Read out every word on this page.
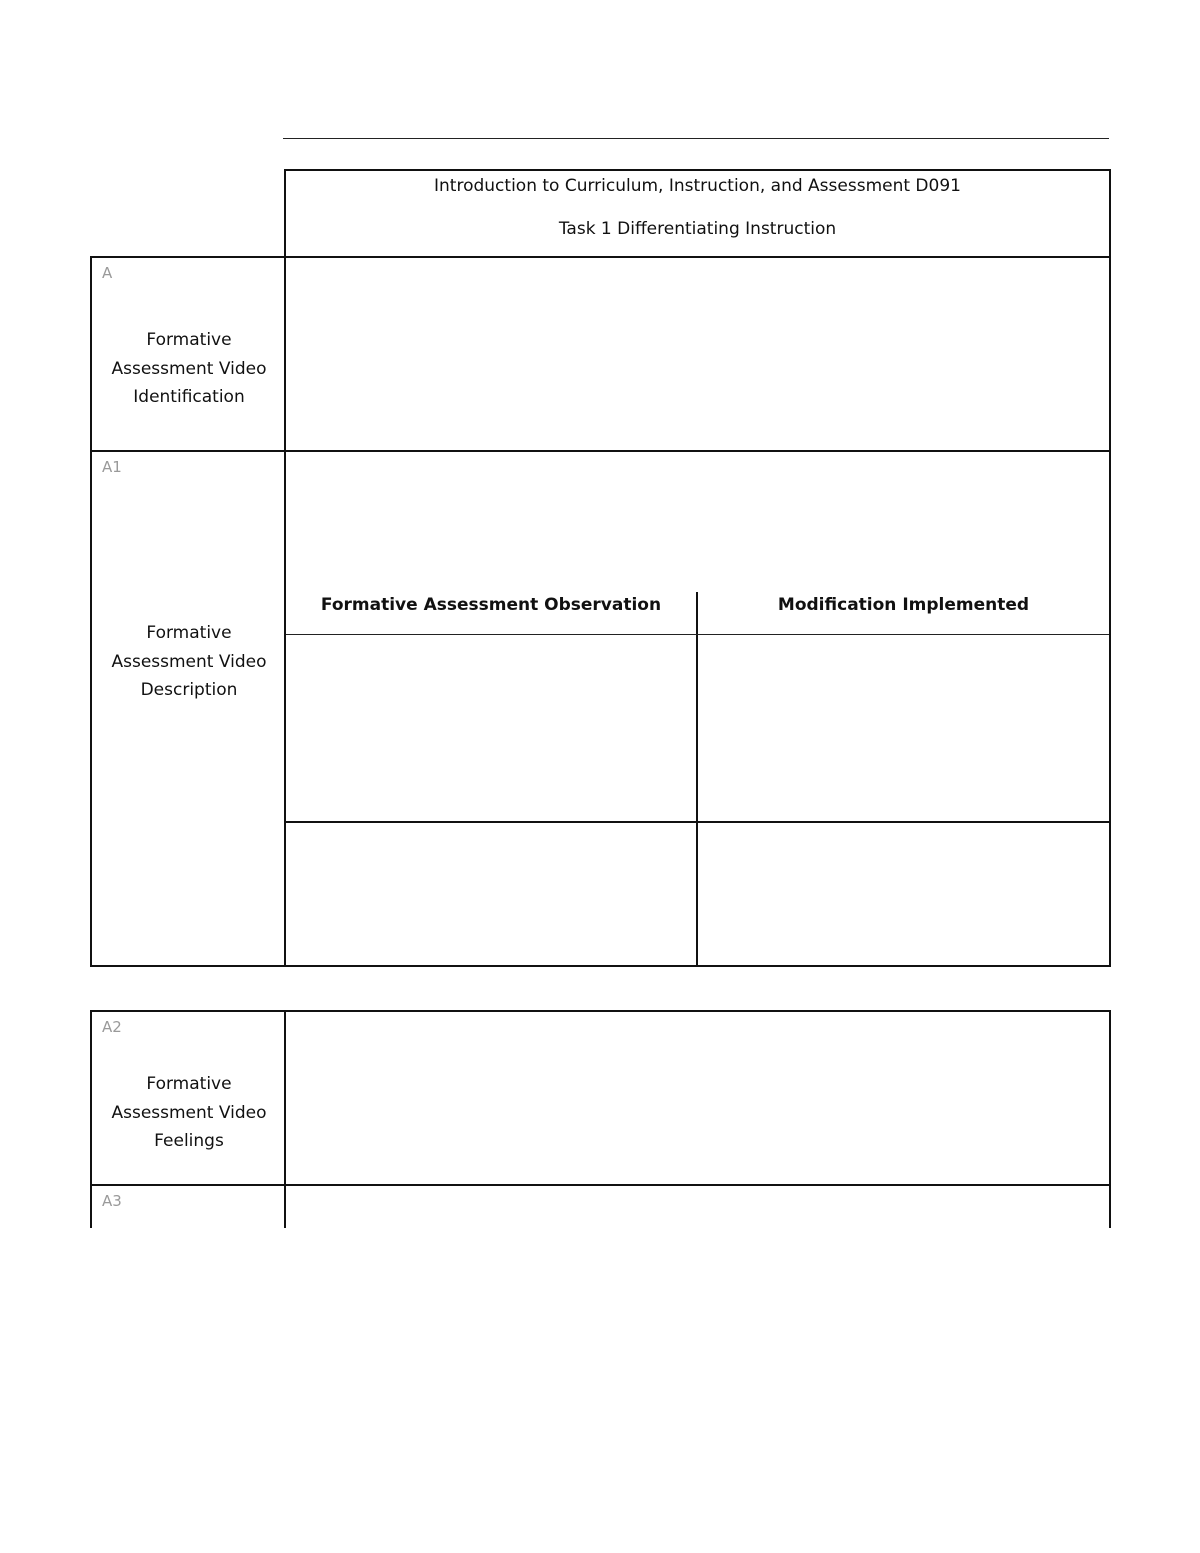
Introduction to Curriculum, Instruction, and Assessment D091
Task 1 Differentiating Instruction
A
Formative
Assessment Video
Identification
A1
Formative
Assessment Video
Description
Formative Assessment Observation	Modification Implemented
A2
Formative
Assessment Video
Feelings
A3
